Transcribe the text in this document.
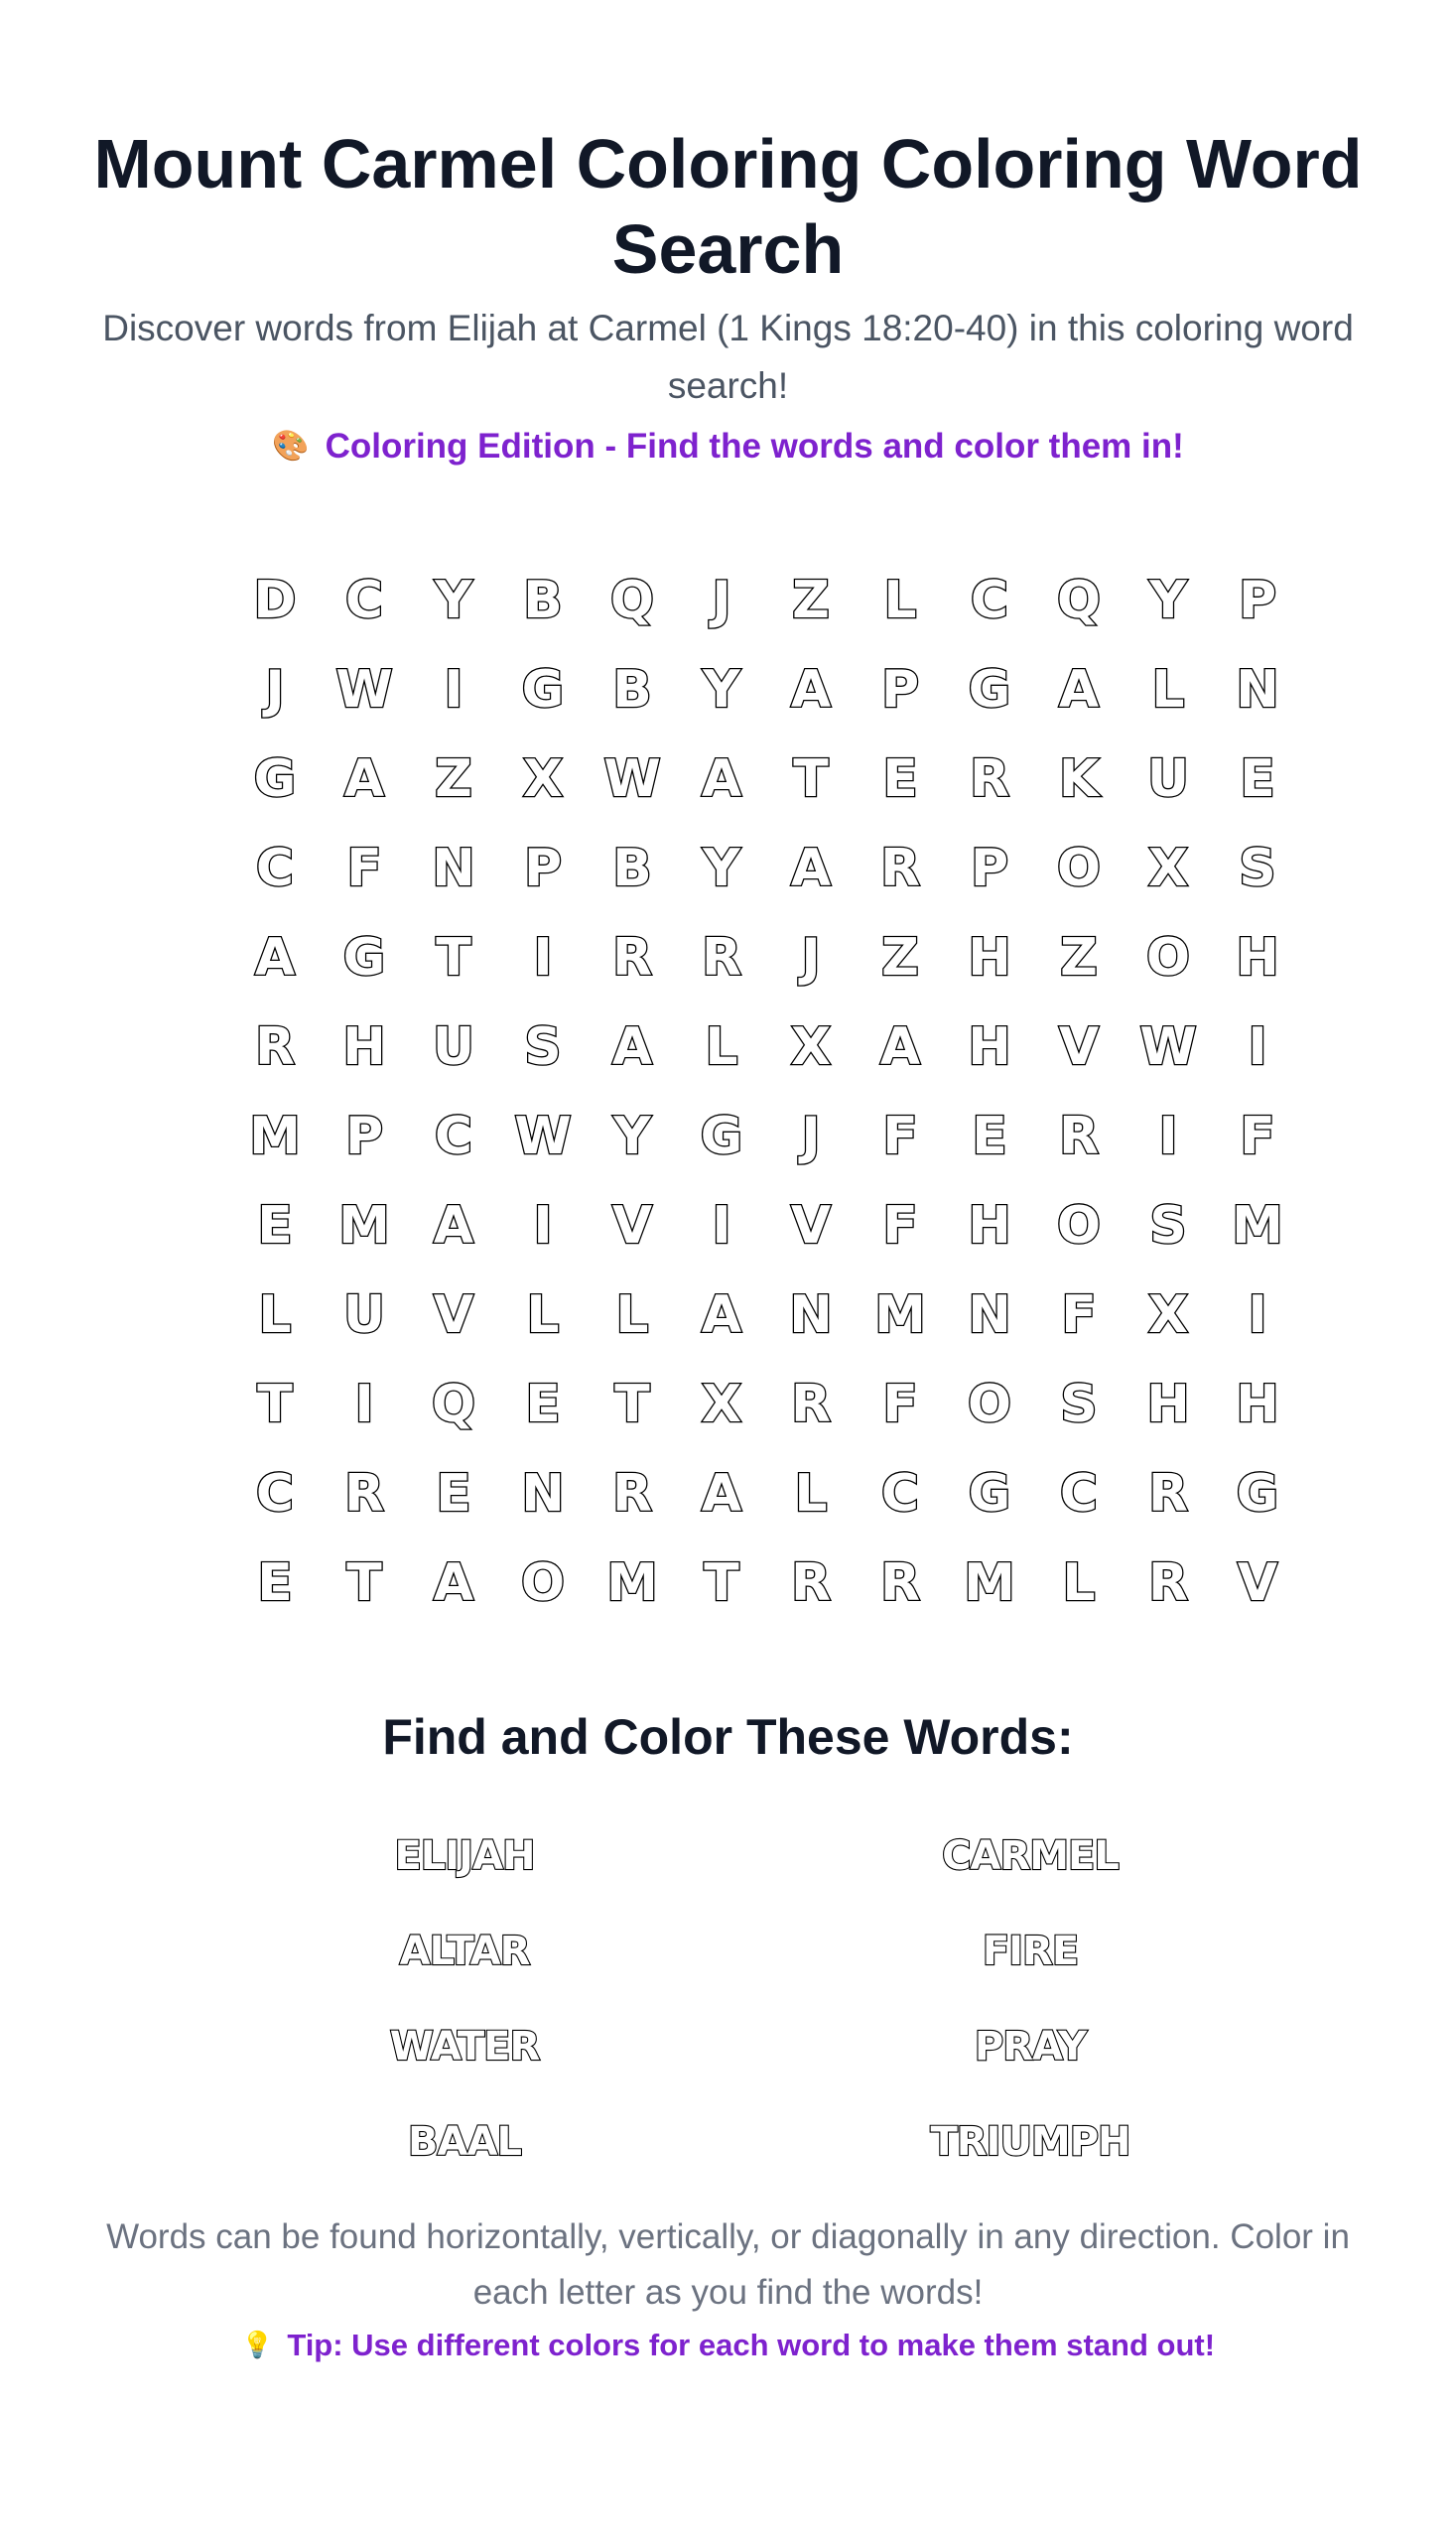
Mount Carmel Coloring Coloring Word Search

Discover words from Elijah at Carmel (1 Kings 18:20-40) in this coloring word search!

🎨 Coloring Edition - Find the words and color them in!
D C	Y B Q	J	Z	L	C Q Y	P
J W I	G B Y A P G A	L N
G A Z X W A	T	E	R K U E
C	F N P B Y A R P O X S
A G T	I	R R	J	Z H Z O H
R H U S A	L	X A H V W I
M P C W Y G	J	F	E	R	I	F
E M A	I	V	I	V	F H O S M
L	U V	L	L	A N M N F	X	I
T	I	Q E	T	X R	F O S H H
C R	E N R A	L	C G C R G
E	T	A O M T	R R M L	R V
Find and Color These Words:
ELIJAH	CARMEL
ALTAR	FIRE
WATER	PRAY
BAAL	TRIUMPH

Words can be found horizontally, vertically, or diagonally in any direction. Color in each letter as you find the words!

💡 Tip: Use different colors for each word to make them stand out!
